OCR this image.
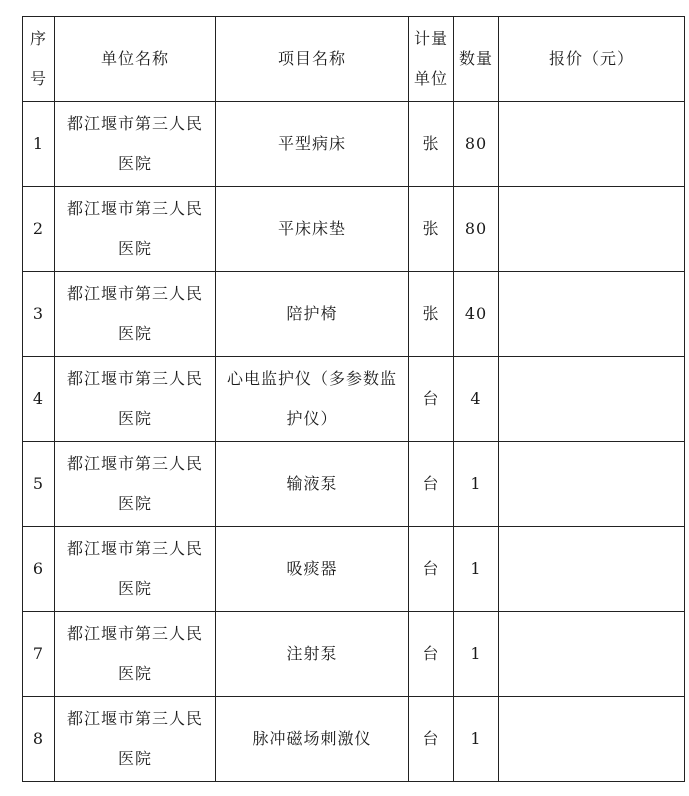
序号	单位名称	项目名称	计量单位	数量	报价（元）
1	都江堰市第三人民医院	平型病床	张	80	
2	都江堰市第三人民医院	平床床垫	张	80	
3	都江堰市第三人民医院	陪护椅	张	40	
4	都江堰市第三人民医院	心电监护仪（多参数监护仪）	台	4	
5	都江堰市第三人民医院	输液泵	台	1	
6	都江堰市第三人民医院	吸痰器	台	1	
7	都江堰市第三人民医院	注射泵	台	1	
8	都江堰市第三人民医院	脉冲磁场刺激仪	台	1	
